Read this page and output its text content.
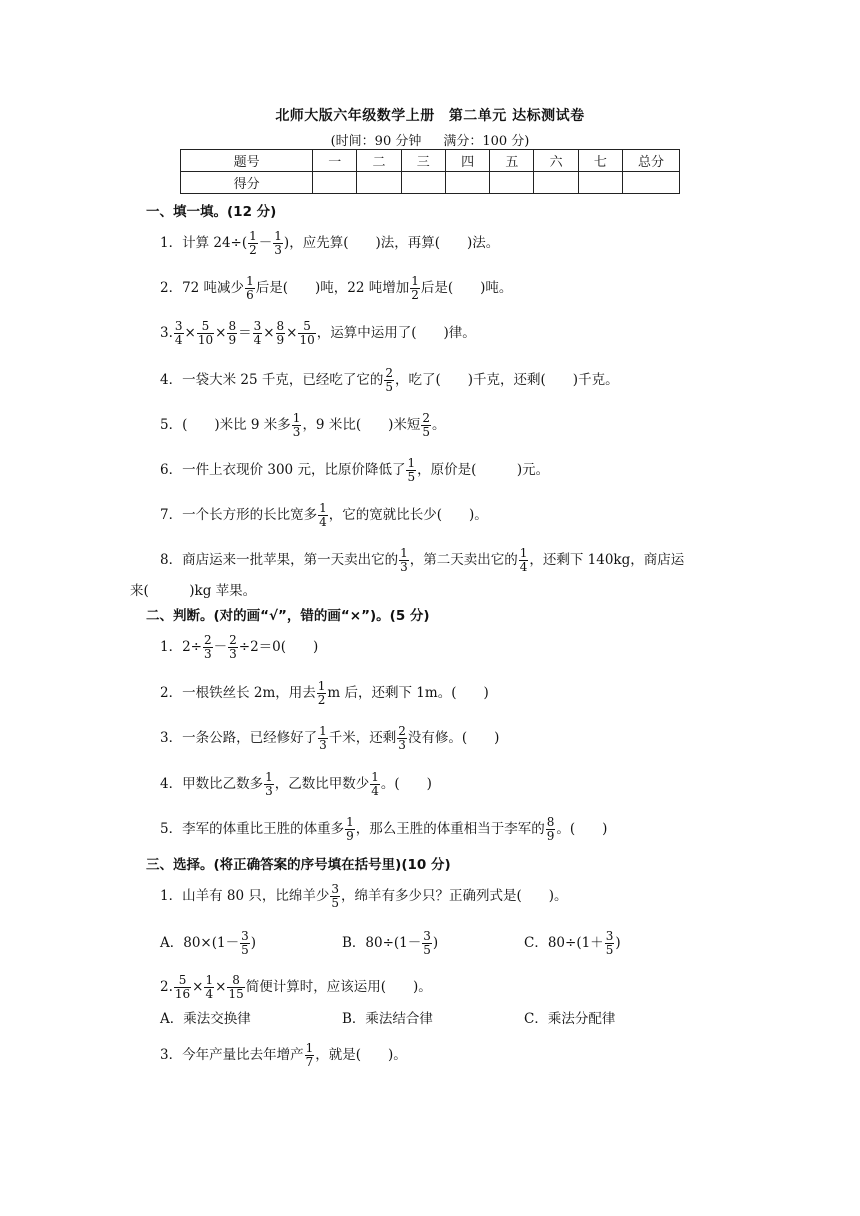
北师大版六年级数学上册 第二单元 达标测试卷
(时间：90 分钟 满分：100 分)
题号	一	二	三	四	五	六	七	总分
得分								
一、填一填。(12 分)
1．计算 $24\div( \frac{1}{2} - \frac{1}{3}$ )，应先算(　　)法，再算(　　)法。
2．72 吨减少 $\frac{1}{6}$ 后是(　　)吨，22 吨增加 $\frac{1}{2}$ 后是(　　)吨。
3. $\frac{3}{4} \times \frac{5}{10} \times \frac{8}{9} = \frac{3}{4} \times \frac{8}{9} \times \frac{5}{10}$ ，运算中运用了(　　)律。
4．一袋大米 25 千克，已经吃了它的 $\frac{2}{5}$ ，吃了(　　)千克，还剩(　　)千克。
5．(　　)米比 9 米多 $\frac{1}{3}$ ，9 米比(　　)米短 $\frac{2}{5}$ 。
6．一件上衣现价 300 元，比原价降低了 $\frac{1}{5}$ ，原价是(　　　)元。
7．一个长方形的长比宽多 $\frac{1}{4}$ ，它的宽就比长少(　　)。
8．商店运来一批苹果，第一天卖出它的 $\frac{1}{3}$ ，第二天卖出它的 $\frac{1}{4}$ ，还剩下 140kg，商店运
来(　　　)kg 苹果。
二、判断。(对的画“√”，错的画“×”)。(5 分)
1．$2\div \frac{2}{3} - \frac{2}{3} \div 2=0$(　　)
2．一根铁丝长 2m，用去 $\frac{1}{2}$ m 后，还剩下 1m。(　　)
3．一条公路，已经修好了 $\frac{1}{3}$ 千米，还剩 $\frac{2}{3}$ 没有修。(　　)
4．甲数比乙数多 $\frac{1}{3}$ ，乙数比甲数少 $\frac{1}{4}$ 。(　　)
5．李军的体重比王胜的体重多 $\frac{1}{9}$ ，那么王胜的体重相当于李军的 $\frac{8}{9}$ 。(　　)
三、选择。(将正确答案的序号填在括号里)(10 分)
1．山羊有 80 只，比绵羊少 $\frac{3}{5}$ ，绵羊有多少只？正确列式是(　　)。
A．$80\times(1- \frac{3}{5}$ )	B．$80\div(1- \frac{3}{5}$ )	C．$80\div(1+ \frac{3}{5}$ )
2. $\frac{5}{16} \times \frac{1}{4} \times \frac{8}{15}$ 简便计算时，应该运用(　　)。
A．乘法交换律	B．乘法结合律	C．乘法分配律
3．今年产量比去年增产 $\frac{1}{7}$ ，就是(　　)。
